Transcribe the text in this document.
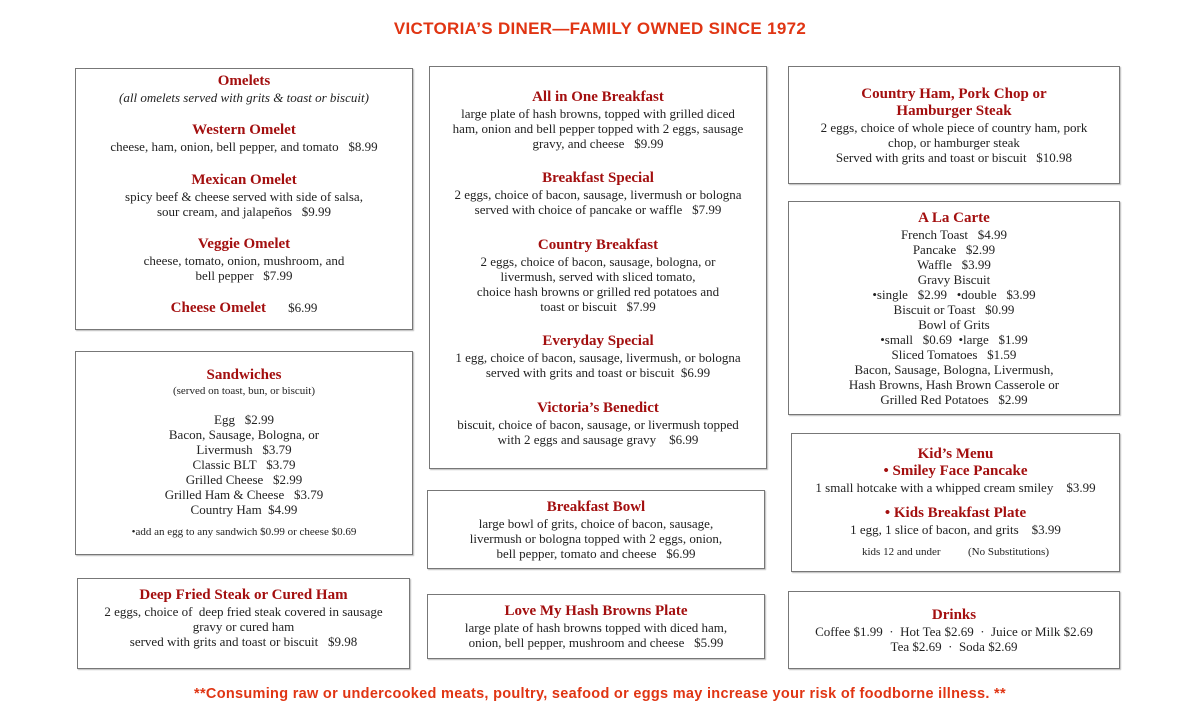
VICTORIA’S DINER—FAMILY OWNED SINCE 1972
Omelets
(all omelets served with grits & toast or biscuit)
Western Omelet
cheese, ham, onion, bell pepper, and tomato   $8.99
Mexican Omelet
spicy beef & cheese served with side of salsa,
sour cream, and jalapeños   $9.99
Veggie Omelet
cheese, tomato, onion, mushroom, and
bell pepper   $7.99
Cheese Omelet $6.99
Sandwiches
(served on toast, bun, or biscuit)
Egg   $2.99
Bacon, Sausage, Bologna, or
Livermush   $3.79
Classic BLT   $3.79
Grilled Cheese   $2.99
Grilled Ham & Cheese   $3.79
Country Ham  $4.99
•add an egg to any sandwich $0.99 or cheese $0.69
Deep Fried Steak or Cured Ham
2 eggs, choice of  deep fried steak covered in sausage
gravy or cured ham
served with grits and toast or biscuit   $9.98
All in One Breakfast
large plate of hash browns, topped with grilled diced
ham, onion and bell pepper topped with 2 eggs, sausage
gravy, and cheese   $9.99
Breakfast Special
2 eggs, choice of bacon, sausage, livermush or bologna
served with choice of pancake or waffle   $7.99
Country Breakfast
2 eggs, choice of bacon, sausage, bologna, or
livermush, served with sliced tomato,
choice hash browns or grilled red potatoes and
toast or biscuit   $7.99
Everyday Special
1 egg, choice of bacon, sausage, livermush, or bologna
served with grits and toast or biscuit  $6.99
Victoria’s Benedict
biscuit, choice of bacon, sausage, or livermush topped
with 2 eggs and sausage gravy    $6.99
Breakfast Bowl
large bowl of grits, choice of bacon, sausage,
livermush or bologna topped with 2 eggs, onion,
bell pepper, tomato and cheese   $6.99
Love My Hash Browns Plate
large plate of hash browns topped with diced ham,
onion, bell pepper, mushroom and cheese   $5.99
Country Ham, Pork Chop or
Hamburger Steak
2 eggs, choice of whole piece of country ham, pork
chop, or hamburger steak
Served with grits and toast or biscuit   $10.98
A La Carte
French Toast   $4.99
Pancake   $2.99
Waffle   $3.99
Gravy Biscuit
•single   $2.99   •double   $3.99
Biscuit or Toast   $0.99
Bowl of Grits
•small   $0.69  •large   $1.99
Sliced Tomatoes   $1.59
Bacon, Sausage, Bologna, Livermush,
Hash Browns, Hash Brown Casserole or
Grilled Red Potatoes   $2.99
Kid’s Menu
• Smiley Face Pancake
1 small hotcake with a whipped cream smiley    $3.99
• Kids Breakfast Plate
1 egg, 1 slice of bacon, and grits    $3.99
kids 12 and under          (No Substitutions)
Drinks
Coffee $1.99  ·  Hot Tea $2.69  ·  Juice or Milk $2.69
Tea $2.69  ·  Soda $2.69
**Consuming raw or undercooked meats, poultry, seafood or eggs may increase your risk of foodborne illness. **
